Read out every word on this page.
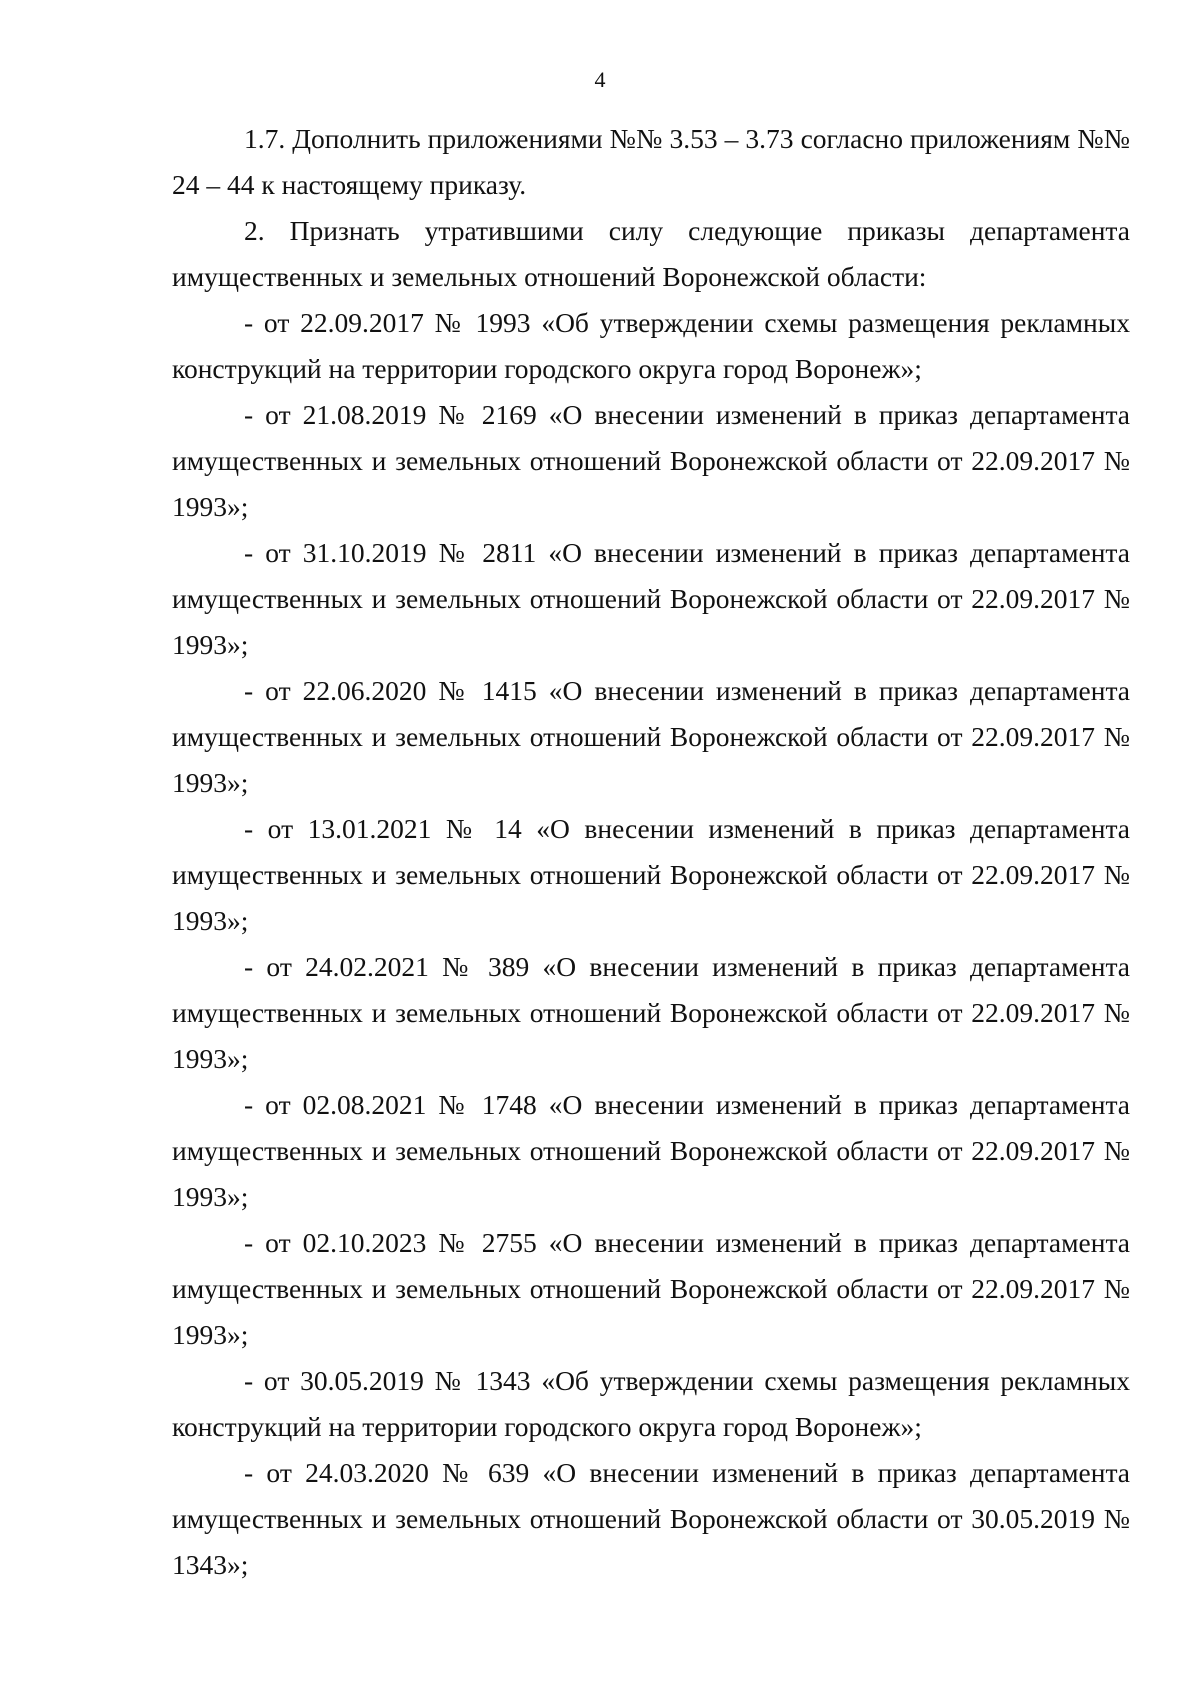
4

1.7. Дополнить приложениями №№ 3.53 – 3.73 согласно приложениям №№ 24 – 44 к настоящему приказу.

2. Признать утратившими силу следующие приказы департамента имущественных и земельных отношений Воронежской области:

- от 22.09.2017 № 1993 «Об утверждении схемы размещения рекламных конструкций на территории городского округа город Воронеж»;

- от 21.08.2019 № 2169 «О внесении изменений в приказ департамента имущественных и земельных отношений Воронежской области от 22.09.2017 № 1993»;

- от 31.10.2019 № 2811 «О внесении изменений в приказ департамента имущественных и земельных отношений Воронежской области от 22.09.2017 № 1993»;

- от 22.06.2020 № 1415 «О внесении изменений в приказ департамента имущественных и земельных отношений Воронежской области от 22.09.2017 № 1993»;

- от 13.01.2021 № 14 «О внесении изменений в приказ департамента имущественных и земельных отношений Воронежской области от 22.09.2017 № 1993»;

- от 24.02.2021 № 389 «О внесении изменений в приказ департамента имущественных и земельных отношений Воронежской области от 22.09.2017 № 1993»;

- от 02.08.2021 № 1748 «О внесении изменений в приказ департамента имущественных и земельных отношений Воронежской области от 22.09.2017 № 1993»;

- от 02.10.2023 № 2755 «О внесении изменений в приказ департамента имущественных и земельных отношений Воронежской области от 22.09.2017 № 1993»;

- от 30.05.2019 № 1343 «Об утверждении схемы размещения рекламных конструкций на территории городского округа город Воронеж»;

- от 24.03.2020 № 639 «О внесении изменений в приказ департамента имущественных и земельных отношений Воронежской области от 30.05.2019 № 1343»;
